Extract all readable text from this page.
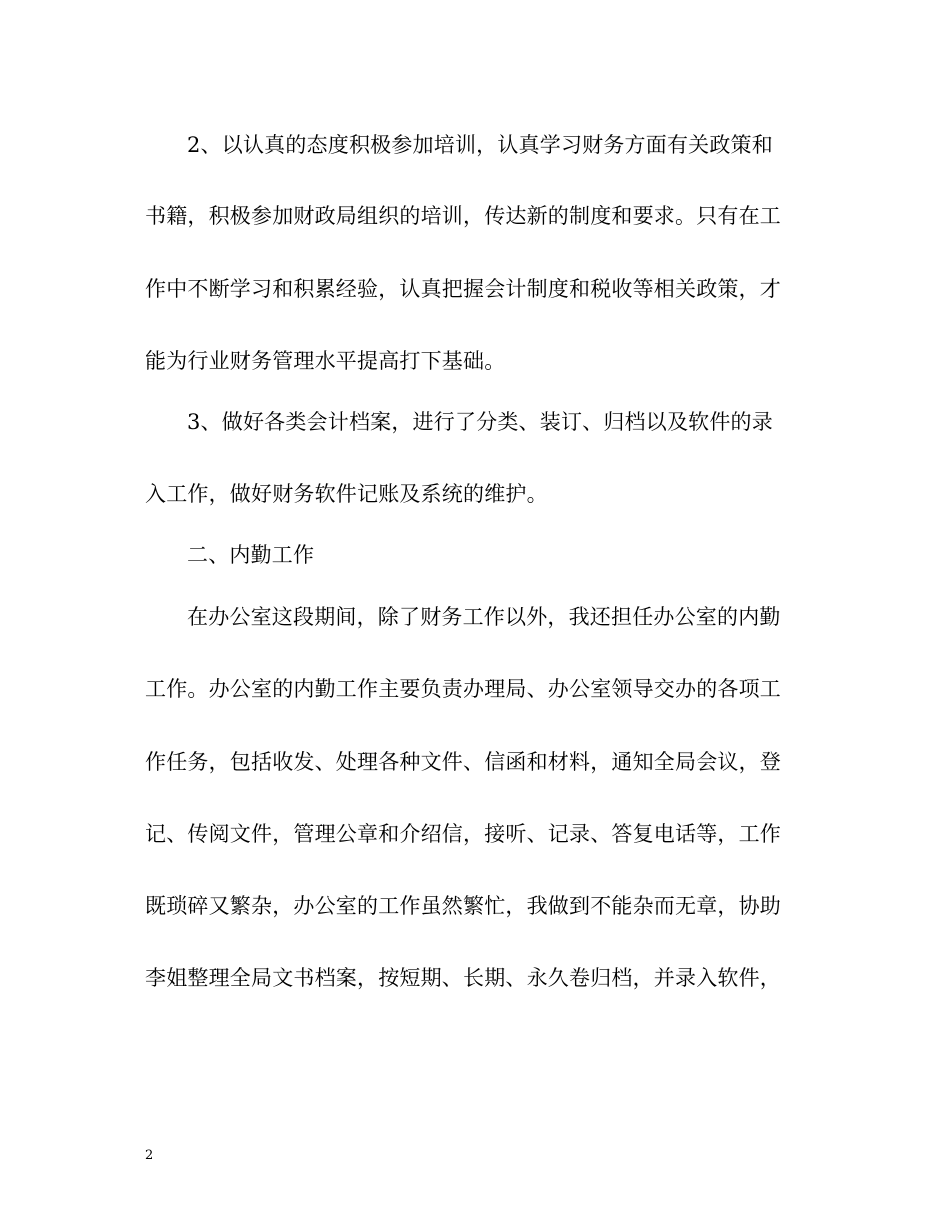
2、以认真的态度积极参加培训，认真学习财务方面有关政策和
书籍，积极参加财政局组织的培训，传达新的制度和要求。只有在工
作中不断学习和积累经验，认真把握会计制度和税收等相关政策，才
能为行业财务管理水平提高打下基础。
3、做好各类会计档案，进行了分类、装订、归档以及软件的录
入工作，做好财务软件记账及系统的维护。
二、内勤工作
在办公室这段期间，除了财务工作以外，我还担任办公室的内勤
工作。办公室的内勤工作主要负责办理局、办公室领导交办的各项工
作任务，包括收发、处理各种文件、信函和材料，通知全局会议，登
记、传阅文件，管理公章和介绍信，接听、记录、答复电话等，工作
既琐碎又繁杂，办公室的工作虽然繁忙，我做到不能杂而无章，协助
李姐整理全局文书档案，按短期、长期、永久卷归档，并录入软件，
2
